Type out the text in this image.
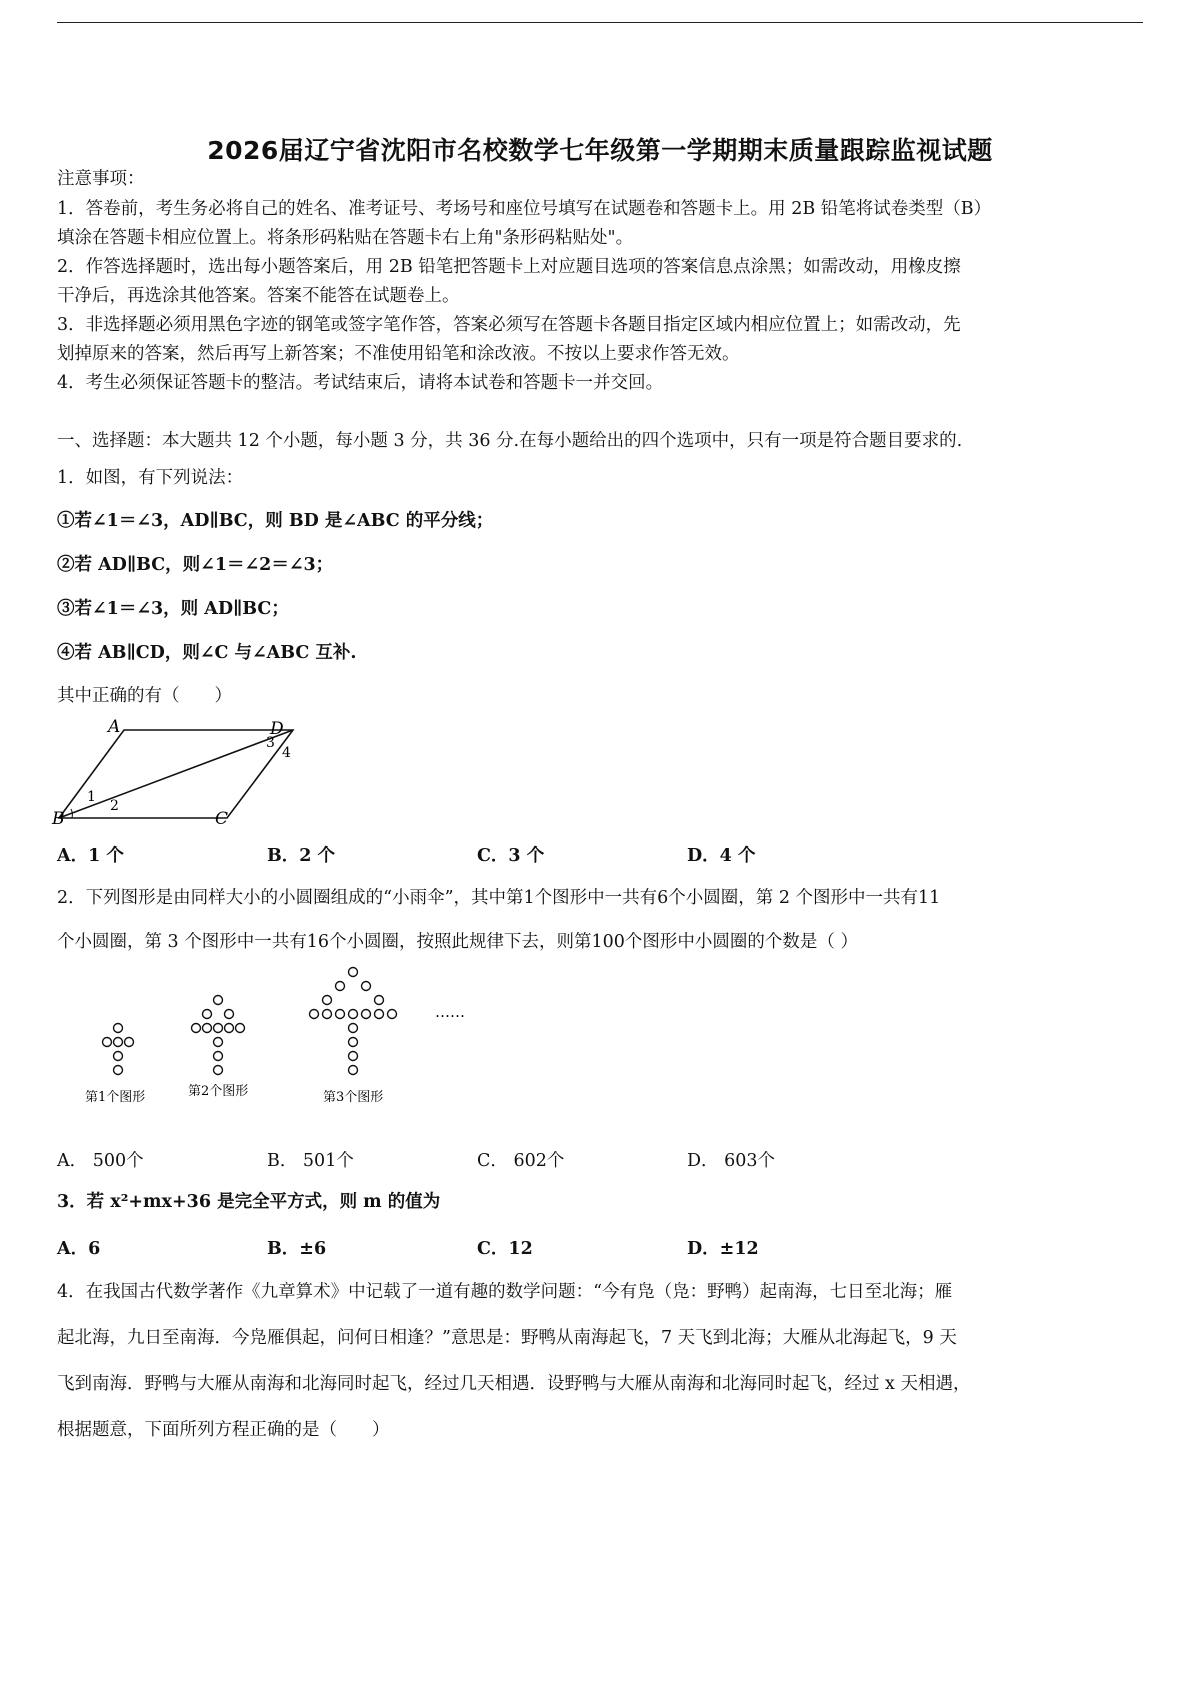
2026届辽宁省沈阳市名校数学七年级第一学期期末质量跟踪监视试题
注意事项：
1．答卷前，考生务必将自己的姓名、准考证号、考场号和座位号填写在试题卷和答题卡上。用 2B 铅笔将试卷类型（B）
填涂在答题卡相应位置上。将条形码粘贴在答题卡右上角"条形码粘贴处"。
2．作答选择题时，选出每小题答案后，用 2B 铅笔把答题卡上对应题目选项的答案信息点涂黑；如需改动，用橡皮擦
干净后，再选涂其他答案。答案不能答在试题卷上。
3．非选择题必须用黑色字迹的钢笔或签字笔作答，答案必须写在答题卡各题目指定区域内相应位置上；如需改动，先
划掉原来的答案，然后再写上新答案；不准使用铅笔和涂改液。不按以上要求作答无效。
4．考生必须保证答题卡的整洁。考试结束后，请将本试卷和答题卡一并交回。
一、选择题：本大题共 12 个小题，每小题 3 分，共 36 分.在每小题给出的四个选项中，只有一项是符合题目要求的.
1．如图，有下列说法：
①若∠1＝∠3，AD∥BC，则 BD 是∠ABC 的平分线；
②若 AD∥BC，则∠1＝∠2＝∠3；
③若∠1＝∠3，则 AD∥BC；
④若 AB∥CD，则∠C 与∠ABC 互补.
其中正确的有（　　）
A	D
B	C
1
2
3
4
A．1 个	B．2 个	C．3 个	D．4 个
2．下列图形是由同样大小的小圆圈组成的“小雨伞”，其中第1个图形中一共有6个小圆圈，第 2 个图形中一共有11
个小圆圈，第 3 个图形中一共有16个小圆圈，按照此规律下去，则第100个图形中小圆圈的个数是（ ）
……
第1个图形	第2个图形	第3个图形
A． 500个	B． 501个	C． 602个	D． 603个
3．若 x²+mx+36 是完全平方式，则 m 的值为
A．6	B．±6	C．12	D．±12
4．在我国古代数学著作《九章算术》中记载了一道有趣的数学问题：“今有凫（凫：野鸭）起南海，七日至北海；雁
起北海，九日至南海．今凫雁俱起，问何日相逢？”意思是：野鸭从南海起飞，7 天飞到北海；大雁从北海起飞，9 天
飞到南海．野鸭与大雁从南海和北海同时起飞，经过几天相遇．设野鸭与大雁从南海和北海同时起飞，经过 x 天相遇，
根据题意，下面所列方程正确的是（　　）
